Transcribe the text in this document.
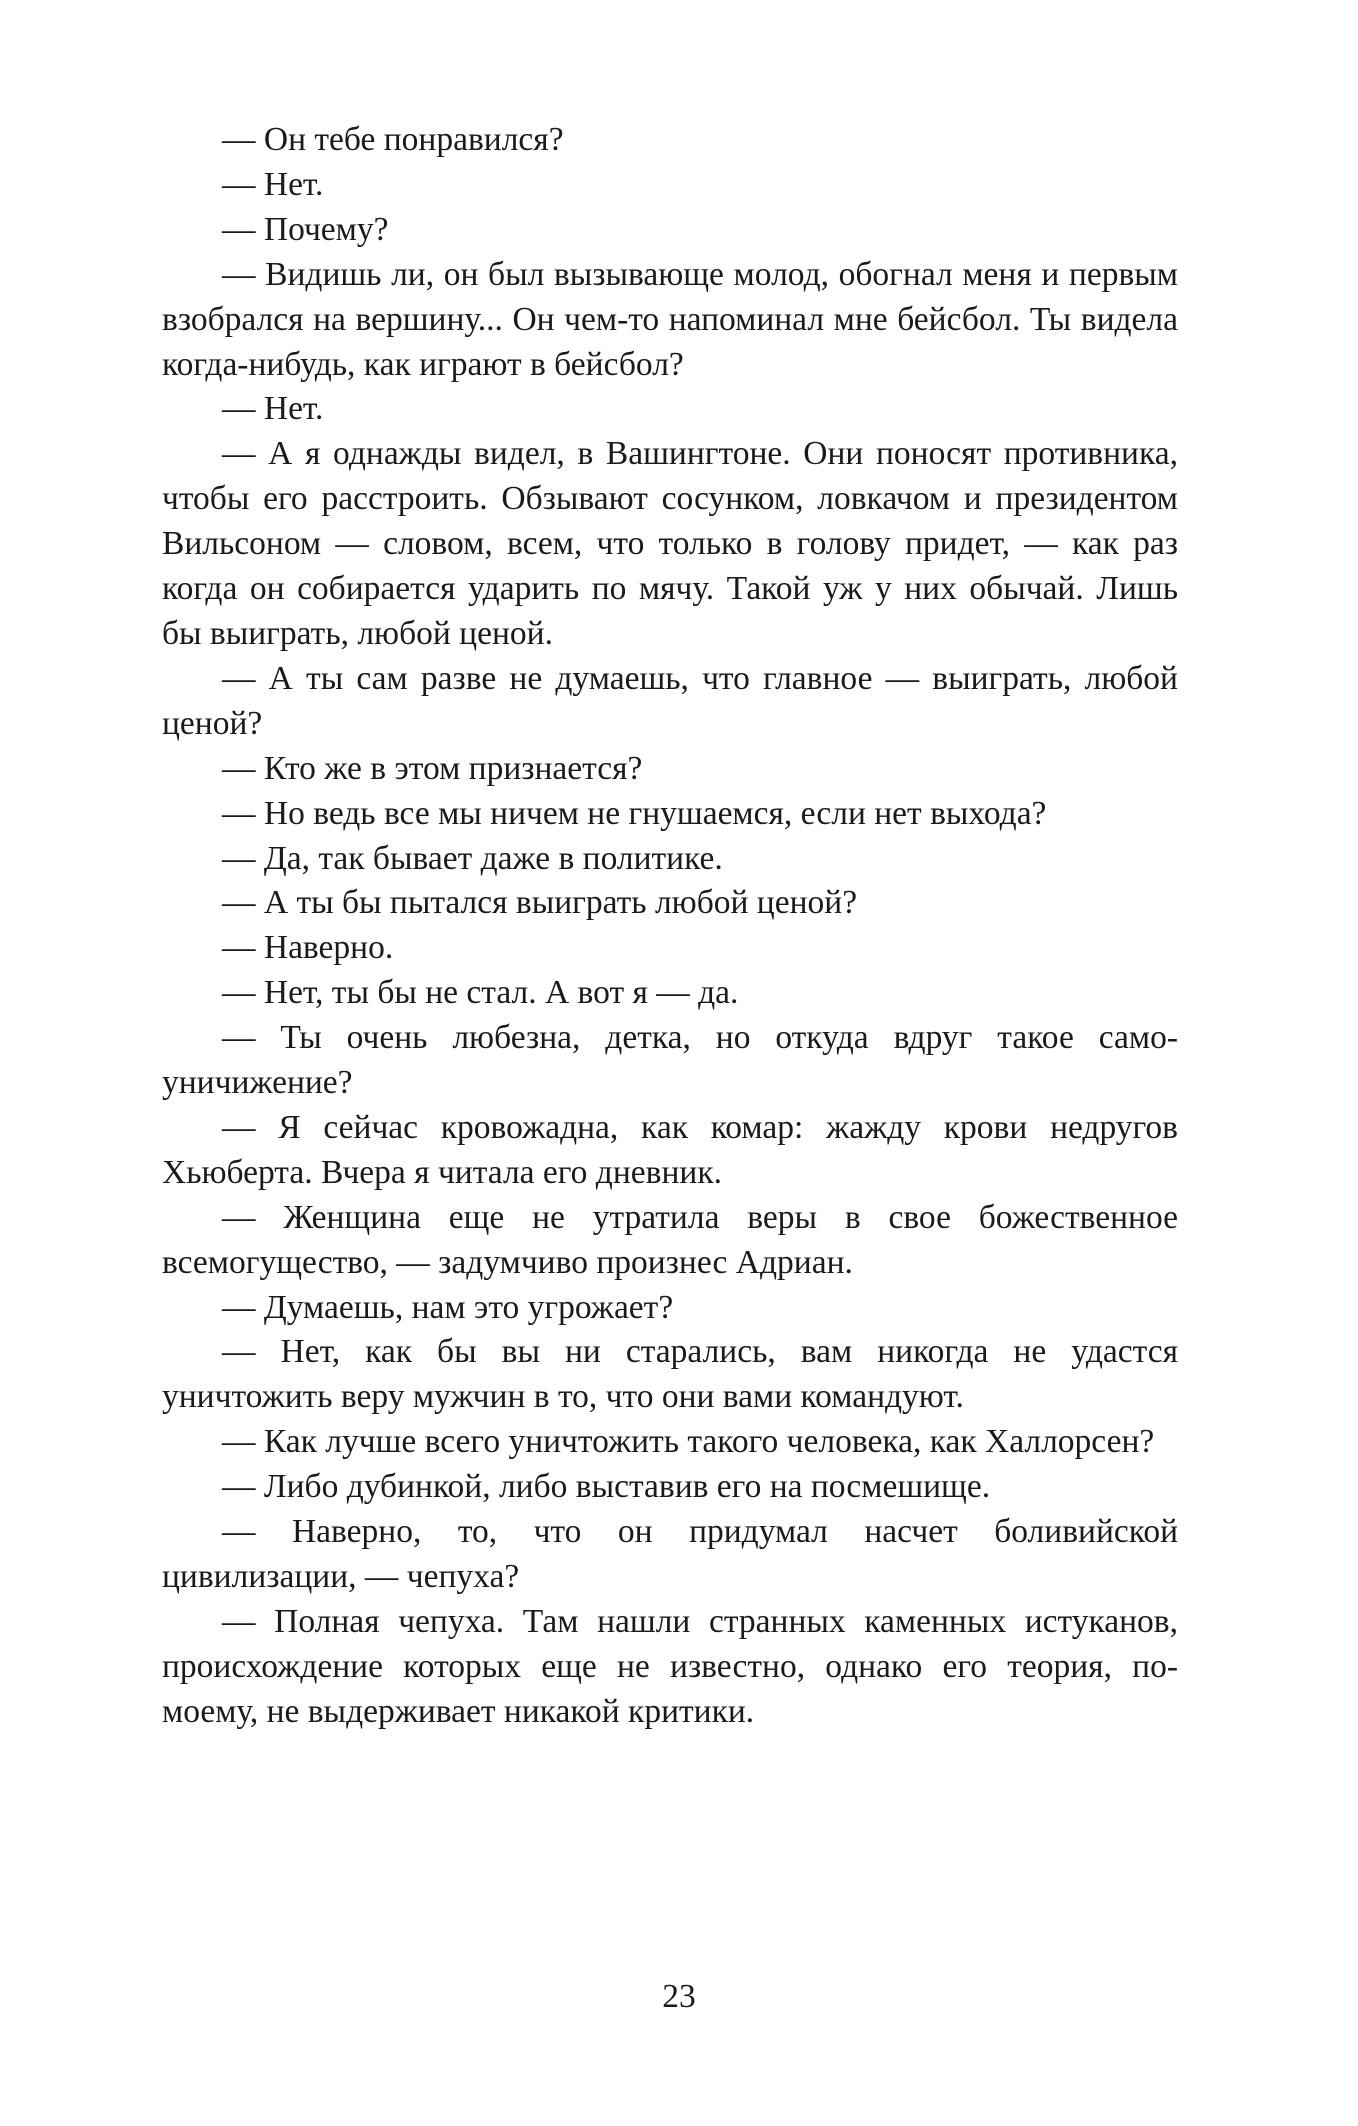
— Он тебе понравился?

— Нет.

— Почему?

— Видишь ли, он был вызывающе молод, обогнал меня и первым взобрался на вершину... Он чем-то напоминал мне бейсбол. Ты видела когда-нибудь, как играют в бейсбол?

— Нет.

— А я однажды видел, в Вашингтоне. Они поносят противника, чтобы его расстроить. Обзывают сосунком, ловкачом и президентом Вильсоном — словом, всем, что только в голову придет, — как раз когда он собирается ударить по мячу. Такой уж у них обычай. Лишь бы выиграть, любой ценой.

— А ты сам разве не думаешь, что главное — выиграть, любой ценой?

— Кто же в этом признается?

— Но ведь все мы ничем не гнушаемся, если нет выхода?

— Да, так бывает даже в политике.

— А ты бы пытался выиграть любой ценой?

— Наверно.

— Нет, ты бы не стал. А вот я — да.

— Ты очень любезна, детка, но откуда вдруг такое самоуничижение?

— Я сейчас кровожадна, как комар: жажду крови недругов Хьюберта. Вчера я читала его дневник.

— Женщина еще не утратила веры в свое божественное всемогущество, — задумчиво произнес Адриан.

— Думаешь, нам это угрожает?

— Нет, как бы вы ни старались, вам никогда не удастся уничтожить веру мужчин в то, что они вами командуют.

— Как лучше всего уничтожить такого человека, как Халлорсен?

— Либо дубинкой, либо выставив его на посмешище.

— Наверно, то, что он придумал насчет боливийской цивилизации, — чепуха?

— Полная чепуха. Там нашли странных каменных истуканов, происхождение которых еще не известно, однако его теория, по-моему, не выдерживает никакой критики.

23
